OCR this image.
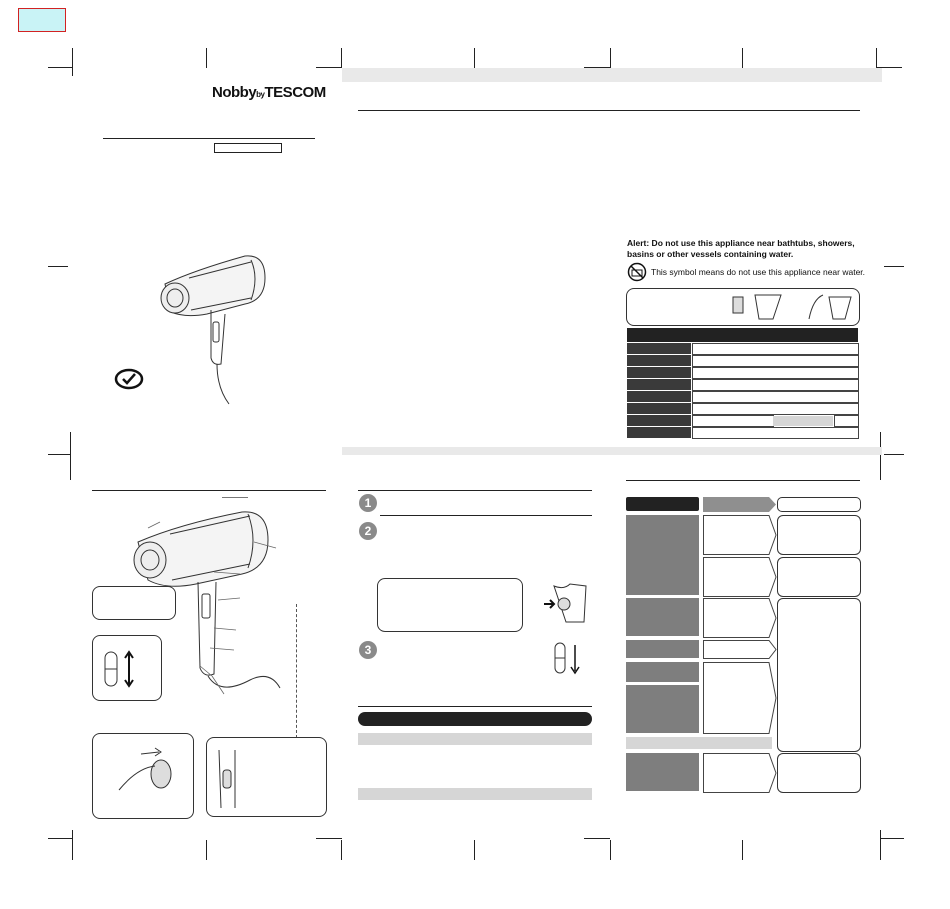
NobbybyTESCOM
Alert: Do not use this appliance near bathtubs, showers,
basins or other vessels containing water.
This symbol means do not use this appliance near water.
1
2
3
